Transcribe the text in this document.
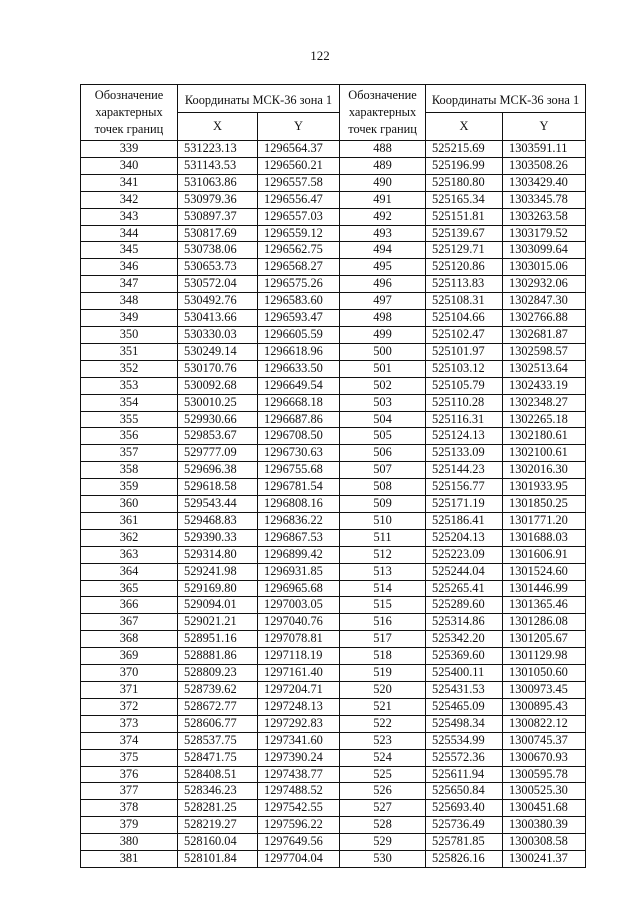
122
Обозначение характерных точек границ	Координаты МСК-36 зона 1		Обозначение характерных точек границ	Координаты МСК-36 зона 1	
	X	Y		X	Y
339	531223.13	1296564.37	488	525215.69	1303591.11
340	531143.53	1296560.21	489	525196.99	1303508.26
341	531063.86	1296557.58	490	525180.80	1303429.40
342	530979.36	1296556.47	491	525165.34	1303345.78
343	530897.37	1296557.03	492	525151.81	1303263.58
344	530817.69	1296559.12	493	525139.67	1303179.52
345	530738.06	1296562.75	494	525129.71	1303099.64
346	530653.73	1296568.27	495	525120.86	1303015.06
347	530572.04	1296575.26	496	525113.83	1302932.06
348	530492.76	1296583.60	497	525108.31	1302847.30
349	530413.66	1296593.47	498	525104.66	1302766.88
350	530330.03	1296605.59	499	525102.47	1302681.87
351	530249.14	1296618.96	500	525101.97	1302598.57
352	530170.76	1296633.50	501	525103.12	1302513.64
353	530092.68	1296649.54	502	525105.79	1302433.19
354	530010.25	1296668.18	503	525110.28	1302348.27
355	529930.66	1296687.86	504	525116.31	1302265.18
356	529853.67	1296708.50	505	525124.13	1302180.61
357	529777.09	1296730.63	506	525133.09	1302100.61
358	529696.38	1296755.68	507	525144.23	1302016.30
359	529618.58	1296781.54	508	525156.77	1301933.95
360	529543.44	1296808.16	509	525171.19	1301850.25
361	529468.83	1296836.22	510	525186.41	1301771.20
362	529390.33	1296867.53	511	525204.13	1301688.03
363	529314.80	1296899.42	512	525223.09	1301606.91
364	529241.98	1296931.85	513	525244.04	1301524.60
365	529169.80	1296965.68	514	525265.41	1301446.99
366	529094.01	1297003.05	515	525289.60	1301365.46
367	529021.21	1297040.76	516	525314.86	1301286.08
368	528951.16	1297078.81	517	525342.20	1301205.67
369	528881.86	1297118.19	518	525369.60	1301129.98
370	528809.23	1297161.40	519	525400.11	1301050.60
371	528739.62	1297204.71	520	525431.53	1300973.45
372	528672.77	1297248.13	521	525465.09	1300895.43
373	528606.77	1297292.83	522	525498.34	1300822.12
374	528537.75	1297341.60	523	525534.99	1300745.37
375	528471.75	1297390.24	524	525572.36	1300670.93
376	528408.51	1297438.77	525	525611.94	1300595.78
377	528346.23	1297488.52	526	525650.84	1300525.30
378	528281.25	1297542.55	527	525693.40	1300451.68
379	528219.27	1297596.22	528	525736.49	1300380.39
380	528160.04	1297649.56	529	525781.85	1300308.58
381	528101.84	1297704.04	530	525826.16	1300241.37
